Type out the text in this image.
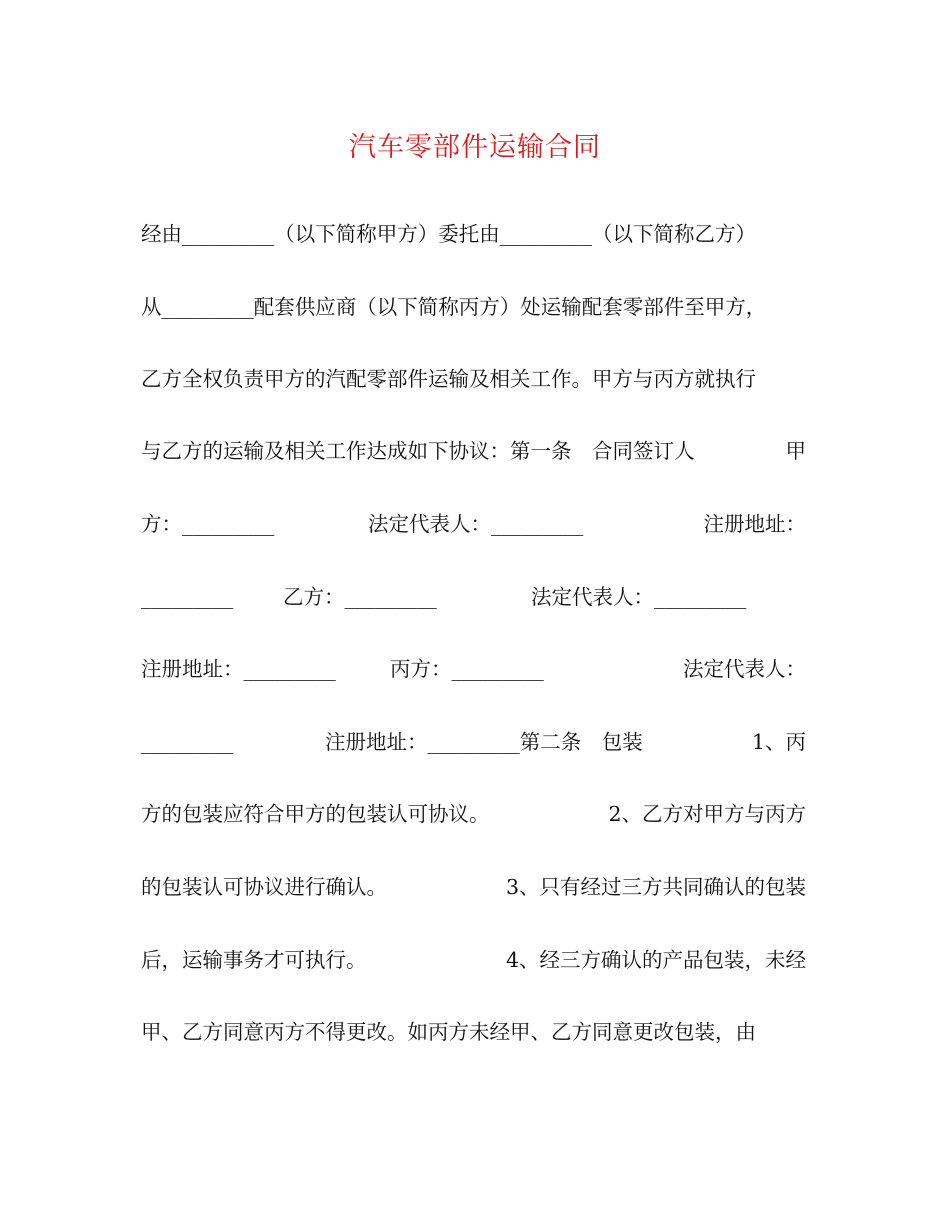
汽车零部件运输合同
经由_________（以下简称甲方）委托由_________（以下简称乙方）
从_________配套供应商（以下简称丙方）处运输配套零部件至甲方，
乙方全权负责甲方的汽配零部件运输及相关工作。甲方与丙方就执行
与乙方的运输及相关工作达成如下协议：第一条　合同签订人	甲
方：_________	法定代表人：_________	注册地址：
_________ 乙方：_________	法定代表人：_________
注册地址：_________	丙方：_________	法定代表人：
_________	注册地址：_________第二条　包装	1、丙
方的包装应符合甲方的包装认可协议。	2、乙方对甲方与丙方
的包装认可协议进行确认。	3、只有经过三方共同确认的包装
后，运输事务才可执行。	4、经三方确认的产品包装，未经
甲、乙方同意丙方不得更改。如丙方未经甲、乙方同意更改包装，由
